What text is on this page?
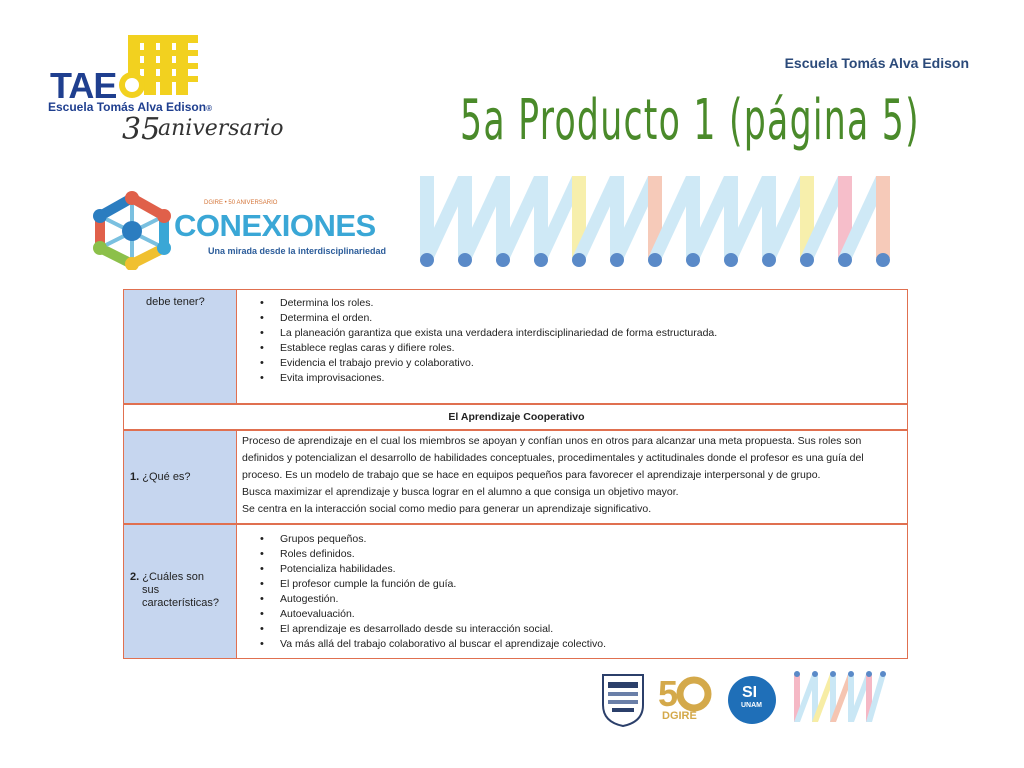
Escuela Tomás Alva Edison
TAE
Escuela Tomás Alva Edison®
35
aniversario	5a Producto 1 (página 5)
DGIRE • 50 ANIVERSARIO
CONEXIONES
Una mirada desde la interdisciplinariedad
debe tener?
•	Determina los roles.
• Determina el orden.
• La planeación garantiza que exista una verdadera interdisciplinariedad de forma estructurada.
• Establece reglas caras y difiere roles.
• Evidencia el trabajo previo y colaborativo.
• Evita improvisaciones.
El Aprendizaje Cooperativo
1. ¿Qué es?

Proceso de aprendizaje en el cual los miembros se apoyan y confían unos en otros para alcanzar una meta propuesta. Sus roles son

definidos y potencializan el desarrollo de habilidades conceptuales, procedimentales y actitudinales donde el profesor es una guía del

proceso. Es un modelo de trabajo que se hace en equipos pequeños para favorecer el aprendizaje interpersonal y de grupo.

Busca maximizar el aprendizaje y busca lograr en el alumno a que consiga un objetivo mayor.

Se centra en la interacción social como medio para generar un aprendizaje significativo.

2. ¿Cuáles son
sus
características?
• Grupos pequeños.
• Roles definidos.
• Potencializa habilidades.
• El profesor cumple la función de guía.
• Autogestión.
• Autoevaluación.
• El aprendizaje es desarrollado desde su interacción social.
• Va más allá del trabajo colaborativo al buscar el aprendizaje colectivo.
5
DGIRE
SI
UNAM
